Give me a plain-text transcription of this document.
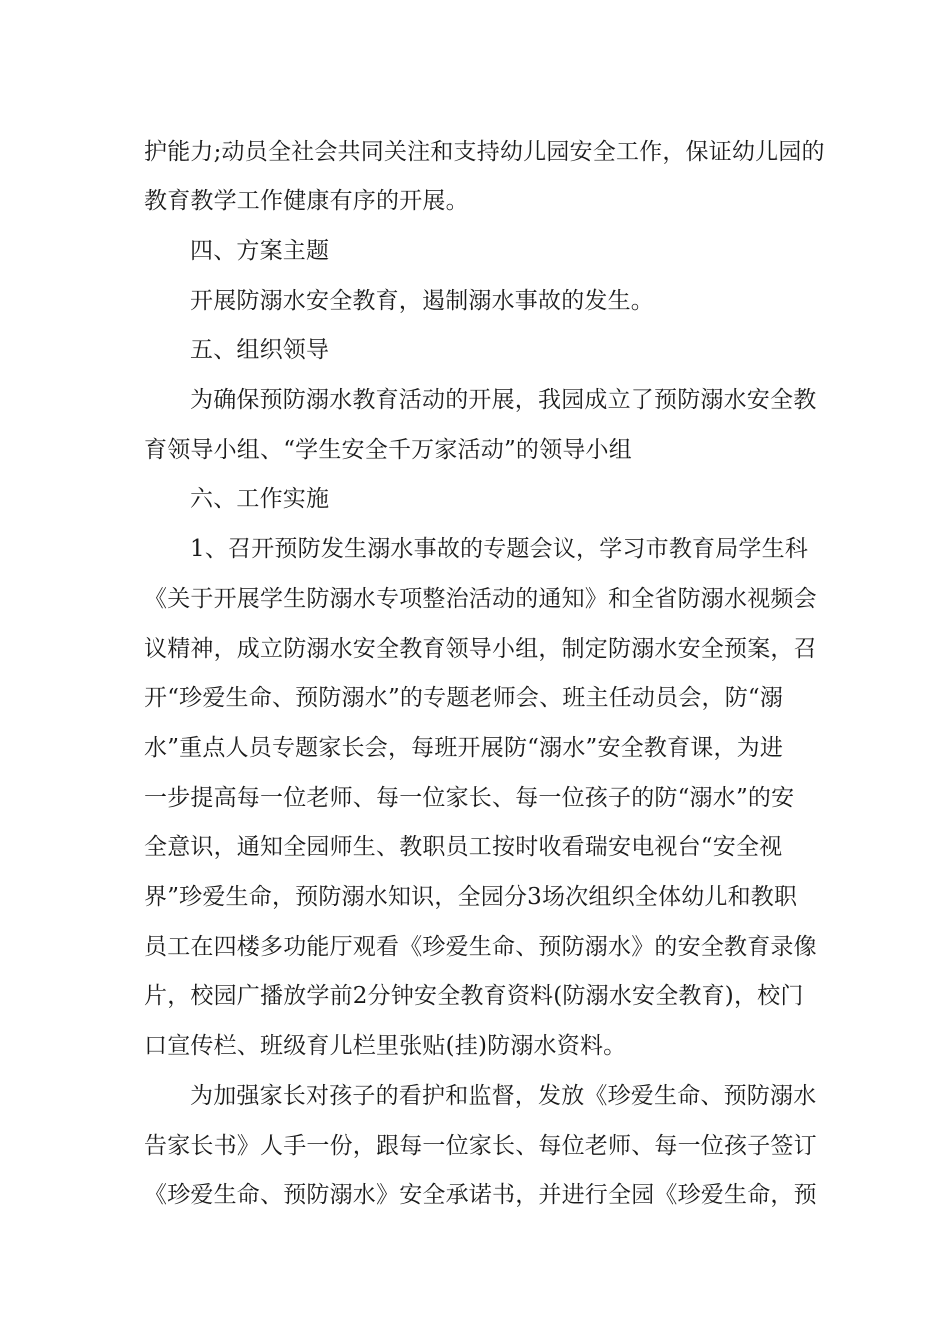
护能力;动员全社会共同关注和支持幼儿园安全工作，保证幼儿园的
教育教学工作健康有序的开展。
四、方案主题
开展防溺水安全教育，遏制溺水事故的发生。
五、组织领导
为确保预防溺水教育活动的开展，我园成立了预防溺水安全教
育领导小组、“学生安全千万家活动”的领导小组
六、工作实施
1、召开预防发生溺水事故的专题会议，学习市教育局学生科
《关于开展学生防溺水专项整治活动的通知》和全省防溺水视频会
议精神，成立防溺水安全教育领导小组，制定防溺水安全预案，召
开“珍爱生命、预防溺水”的专题老师会、班主任动员会，防“溺
水”重点人员专题家长会，每班开展防“溺水”安全教育课，为进
一步提高每一位老师、每一位家长、每一位孩子的防“溺水”的安
全意识，通知全园师生、教职员工按时收看瑞安电视台“安全视
界”珍爱生命，预防溺水知识，全园分3场次组织全体幼儿和教职
员工在四楼多功能厅观看《珍爱生命、预防溺水》的安全教育录像
片，校园广播放学前2分钟安全教育资料(防溺水安全教育)，校门
口宣传栏、班级育儿栏里张贴(挂)防溺水资料。
为加强家长对孩子的看护和监督，发放《珍爱生命、预防溺水
告家长书》人手一份，跟每一位家长、每位老师、每一位孩子签订
《珍爱生命、预防溺水》安全承诺书，并进行全园《珍爱生命，预
